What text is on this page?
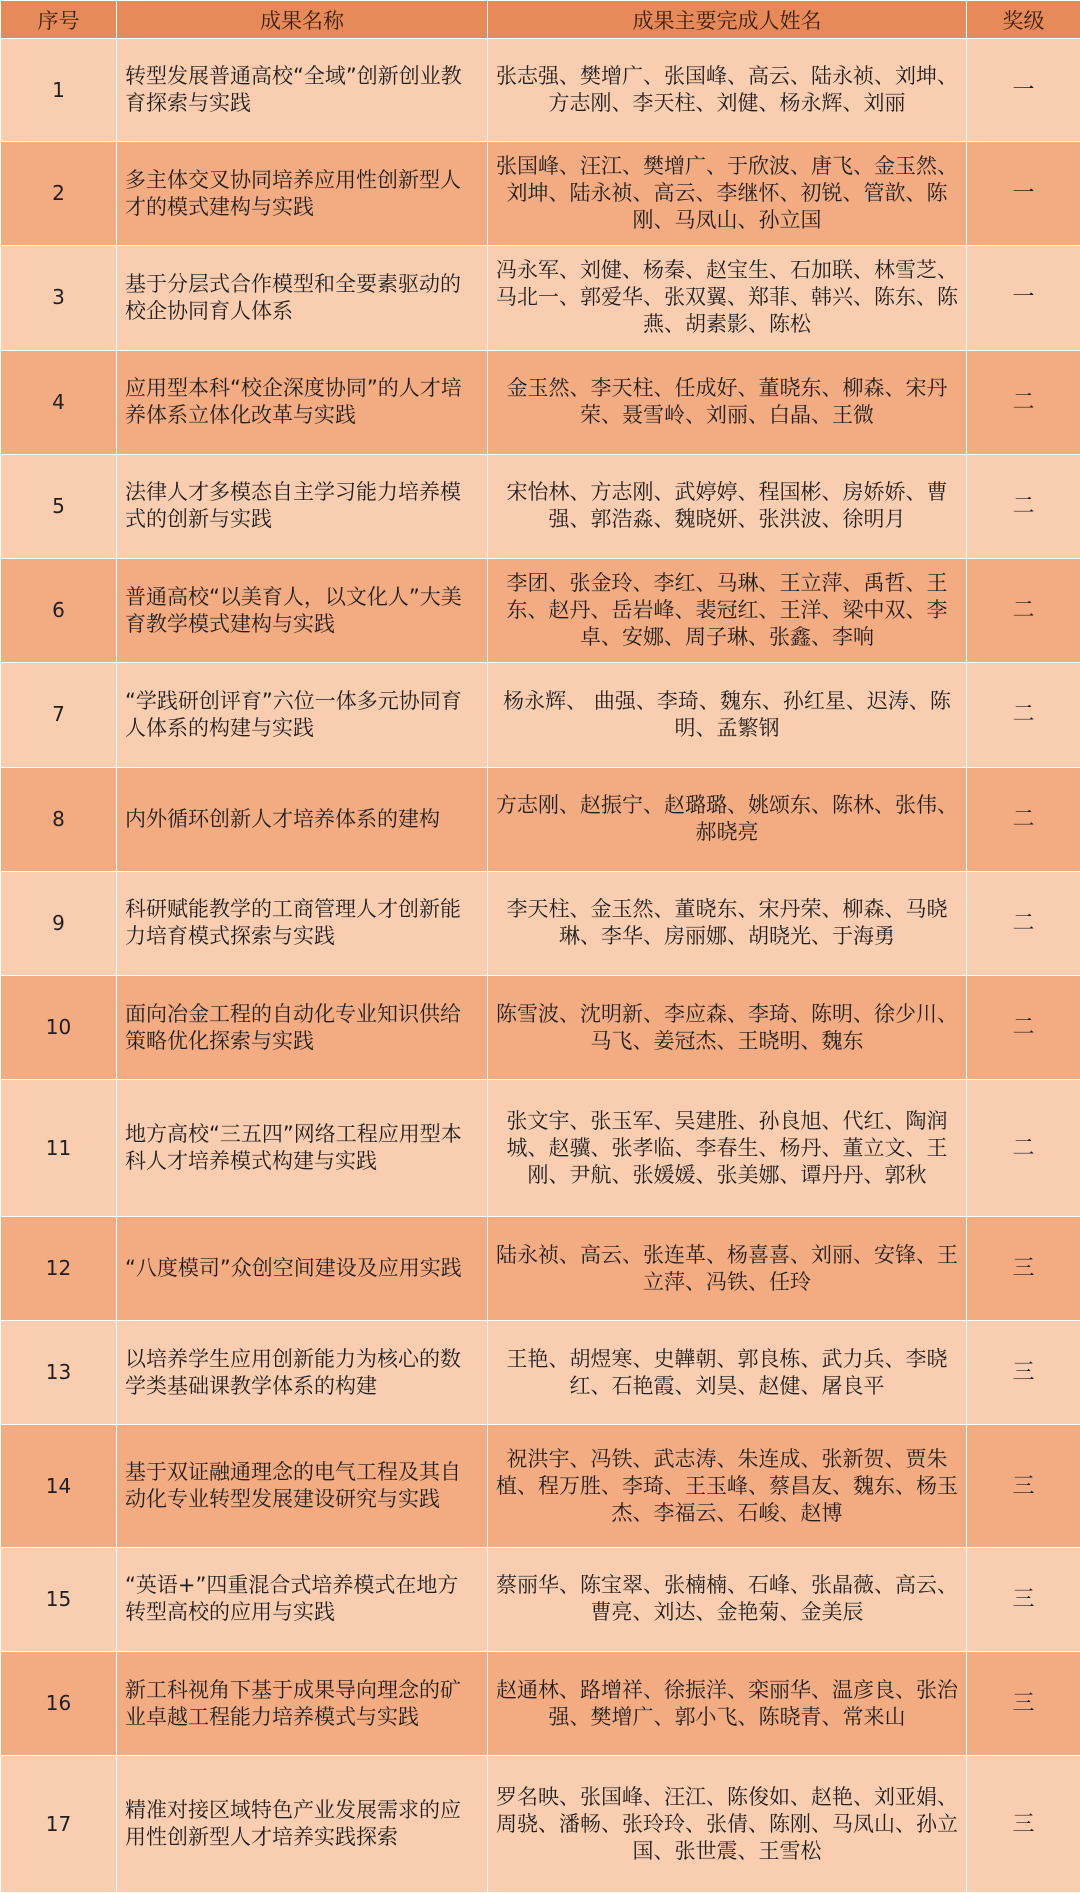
序号	成果名称	成果主要完成人姓名	奖级

1	转型发展普通高校“全域”创新创业教育探索与实践	张志强、樊增广、张国峰、高云、陆永祯、刘坤、方志刚、李天柱、刘健、杨永辉、刘丽	一

2	多主体交叉协同培养应用性创新型人才的模式建构与实践	张国峰、汪江、樊增广、于欣波、唐飞、金玉然、刘坤、陆永祯、高云、李继怀、初锐、管歆、陈刚、马凤山、孙立国	一

3	基于分层式合作模型和全要素驱动的校企协同育人体系	冯永军、刘健、杨秦、赵宝生、石加联、林雪芝、马北一、郭爱华、张双翼、郑菲、韩兴、陈东、陈燕、胡素影、陈松	一

4	应用型本科“校企深度协同”的人才培养体系立体化改革与实践	金玉然、李天柱、任成好、董晓东、柳森、宋丹荣、聂雪岭、刘丽、白晶、王微	二

5	法律人才多模态自主学习能力培养模式的创新与实践	宋怡林、方志刚、武婷婷、程国彬、房娇娇、曹强、郭浩淼、魏晓妍、张洪波、徐明月	二

6	普通高校“以美育人，以文化人”大美育教学模式建构与实践	李团、张金玲、李红、马琳、王立萍、禹哲、王东、赵丹、岳岩峰、裴冠红、王洋、梁中双、李卓、安娜、周子琳、张鑫、李响	二

7	“学践研创评育”六位一体多元协同育人体系的构建与实践	杨永辉、 曲强、李琦、魏东、孙红星、迟涛、陈明、孟繁钢	二

8	内外循环创新人才培养体系的建构	方志刚、赵振宁、赵璐璐、姚颂东、陈林、张伟、郝晓亮	二

9	科研赋能教学的工商管理人才创新能力培育模式探索与实践	李天柱、金玉然、董晓东、宋丹荣、柳森、马晓琳、李华、房丽娜、胡晓光、于海勇	二

10	面向冶金工程的自动化专业知识供给策略优化探索与实践	陈雪波、沈明新、李应森、李琦、陈明、徐少川、马飞、姜冠杰、王晓明、魏东	二

11	地方高校“三五四”网络工程应用型本科人才培养模式构建与实践	张文宇、张玉军、吴建胜、孙良旭、代红、陶润城、赵骥、张孝临、李春生、杨丹、董立文、王刚、尹航、张媛媛、张美娜、谭丹丹、郭秋	二

12	“八度模司”众创空间建设及应用实践	陆永祯、高云、张连革、杨喜喜、刘丽、安锋、王立萍、冯铁、任玲	三

13	以培养学生应用创新能力为核心的数学类基础课教学体系的构建	王艳、胡煜寒、史韡朝、郭良栋、武力兵、李晓红、石艳霞、刘昊、赵健、屠良平	三

14	基于双证融通理念的电气工程及其自动化专业转型发展建设研究与实践	祝洪宇、冯铁、武志涛、朱连成、张新贺、贾朱植、程万胜、李琦、王玉峰、蔡昌友、魏东、杨玉杰、李福云、石峻、赵博	三

15	“英语+”四重混合式培养模式在地方转型高校的应用与实践	蔡丽华、陈宝翠、张楠楠、石峰、张晶薇、高云、曹亮、刘达、金艳菊、金美辰	三

16	新工科视角下基于成果导向理念的矿业卓越工程能力培养模式与实践	赵通林、路增祥、徐振洋、栾丽华、温彦良、张治强、樊增广、郭小飞、陈晓青、常来山	三

17	精准对接区域特色产业发展需求的应用性创新型人才培养实践探索	罗名映、张国峰、汪江、陈俊如、赵艳、刘亚娟、周骁、潘畅、张玲玲、张倩、陈刚、马凤山、孙立国、张世震、王雪松	三
